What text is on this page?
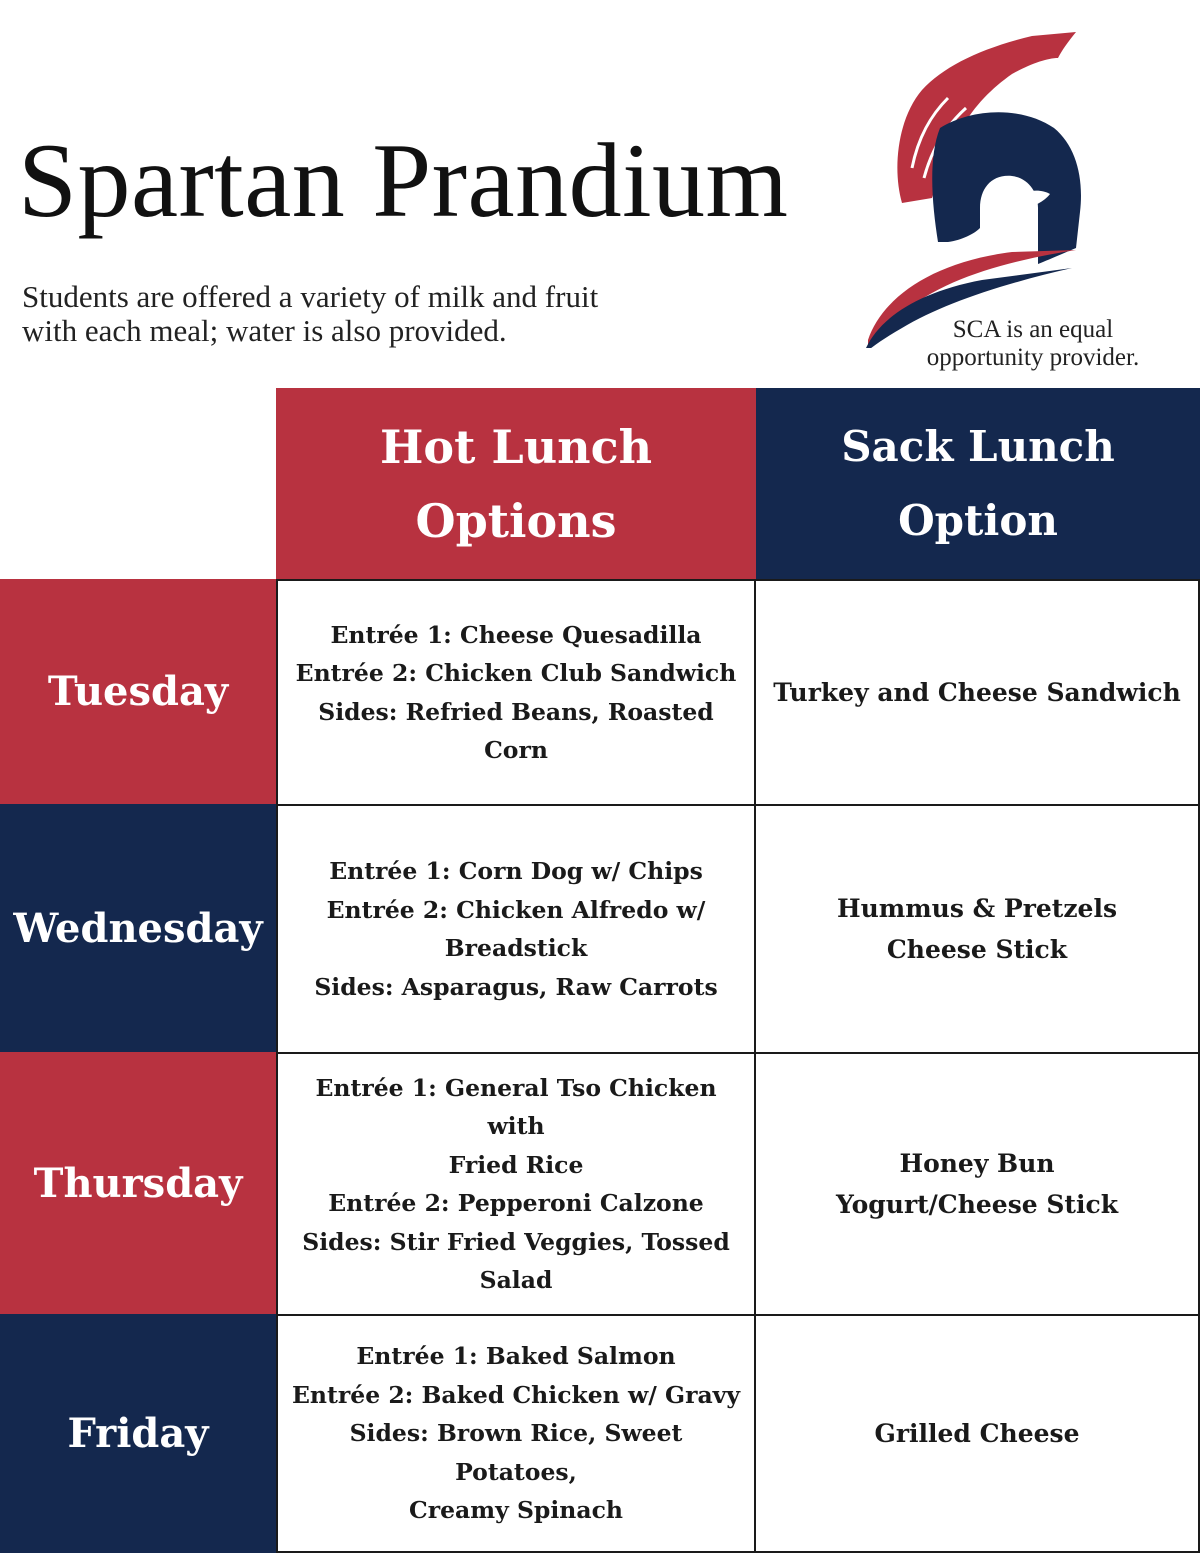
Spartan Prandium
Students are offered a variety of milk and fruit
with each meal; water is also provided.	SCA is an equal
opportunity provider.
Hot Lunch
Options
Sack Lunch Option
Tuesday
Entrée 1: Cheese Quesadilla
Entrée 2: Chicken Club Sandwich
Sides: Refried Beans, Roasted Corn
Turkey and Cheese Sandwich
Wednesday
Entrée 1: Corn Dog w/ Chips
Entrée 2: Chicken Alfredo w/
Breadstick
Sides: Asparagus, Raw Carrots
Hummus & Pretzels
Cheese Stick
Thursday
Entrée 1: General Tso Chicken with
Fried Rice
Entrée 2: Pepperoni Calzone
Sides: Stir Fried Veggies, Tossed
Salad
Honey Bun
Yogurt/Cheese Stick
Friday
Entrée 1: Baked Salmon
Entrée 2: Baked Chicken w/ Gravy
Sides: Brown Rice, Sweet Potatoes,
Creamy Spinach
Grilled Cheese
